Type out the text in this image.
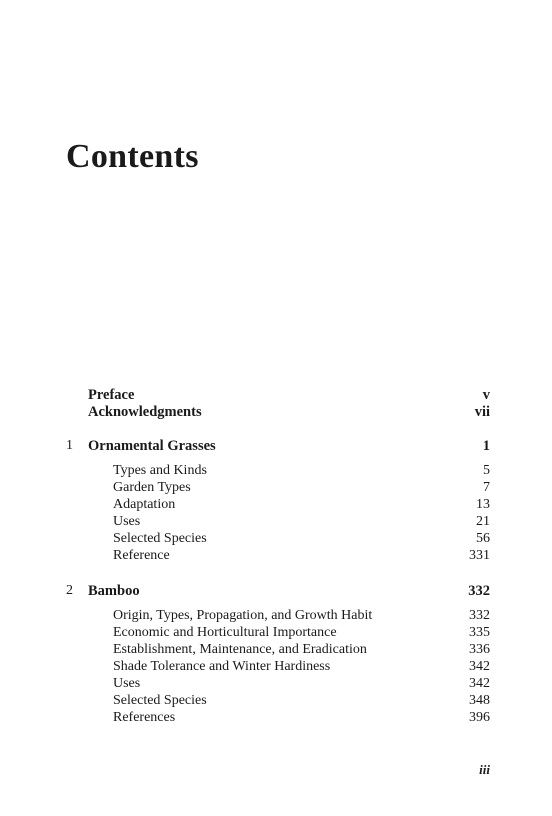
Contents
Preface	v
Acknowledgments	vii
1 Ornamental Grasses	1
Types and Kinds	5
Garden Types	7
Adaptation	13
Uses	21
Selected Species	56
Reference	331
2 Bamboo	332
Origin, Types, Propagation, and Growth Habit	332
Economic and Horticultural Importance	335
Establishment, Maintenance, and Eradication	336
Shade Tolerance and Winter Hardiness	342
Uses	342
Selected Species	348
References	396
iii
